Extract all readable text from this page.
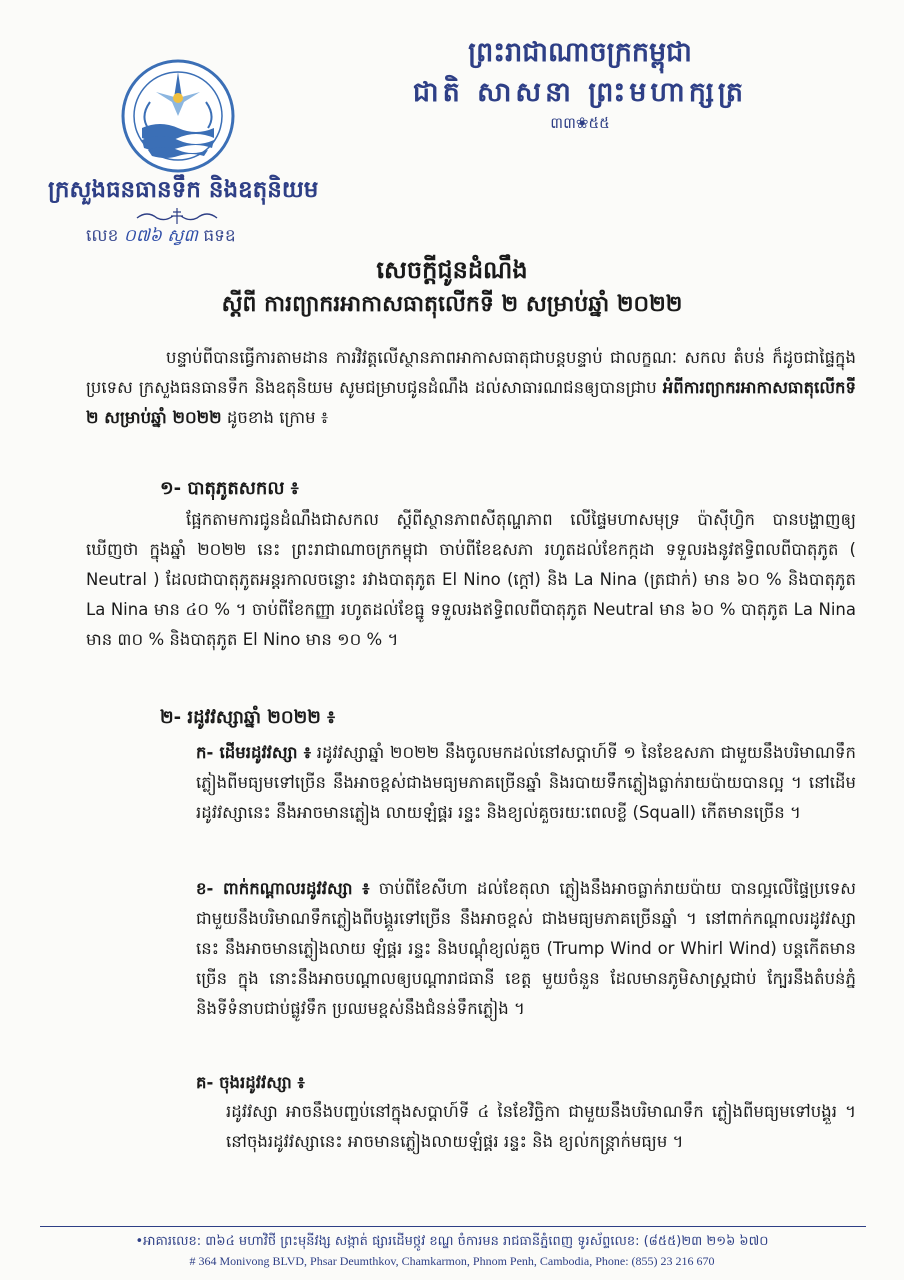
ព្រះរាជាណាចក្រកម្ពុជា
ជាតិ សាសនា ព្រះមហាក្សត្រ
៣៣❀៥៥
ក្រសួងធនធានទឹក និងឧតុនិយម
លេខ ០៧៦ ស្វ៣ ធទឧ
សេចក្តីជូនដំណឹង
ស្តីពី ការព្យាករអាកាសធាតុលើកទី ២ សម្រាប់ឆ្នាំ ២០២២
បន្ទាប់ពីបានធ្វើការតាមដាន ការវិវត្តលើស្ថានភាពអាកាសធាតុជាបន្តបន្ទាប់ ជាលក្ខណៈ សកល តំបន់ ក៏ដូចជាផ្ទៃក្នុងប្រទេស ក្រសួងធនធានទឹក និងឧតុនិយម សូមជម្រាបជូនដំណឹង ដល់សាធារណជនឲ្យបានជ្រាប អំពីការព្យាករអាកាសធាតុលើកទី ២ សម្រាប់ឆ្នាំ ២០២២ ដូចខាង ក្រោម ៖
១- បាតុភូតសកល ៖
ផ្អែកតាមការជូនដំណឹងជាសកល ស្តីពីស្ថានភាពសីតុណ្ហភាព លើផ្ទៃមហាសមុទ្រ ប៉ាស៊ីហ្វិក បានបង្ហាញឲ្យឃើញថា ក្នុងឆ្នាំ ២០២២ នេះ ព្រះរាជាណាចក្រកម្ពុជា ចាប់ពីខែឧសភា រហូតដល់ខែកក្កដា ទទួលរងនូវឥទ្ធិពលពីបាតុភូត ( Neutral ) ដែលជាបាតុភូតអន្តរកាលចន្លោះ រវាងបាតុភូត El Nino (ក្តៅ) និង La Nina (ត្រជាក់) មាន ៦០ % និងបាតុភូត La Nina មាន ៤០ % ។ ចាប់ពីខែកញ្ញា រហូតដល់ខែធ្នូ ទទួលរងឥទ្ធិពលពីបាតុភូត Neutral មាន ៦០ % បាតុភូត La Nina មាន ៣០ % និងបាតុភូត El Nino មាន ១០ % ។
២- រដូវវស្សាឆ្នាំ ២០២២ ៖
ក- ដើមរដូវវស្សា ៖ រដូវវស្សាឆ្នាំ ២០២២ នឹងចូលមកដល់នៅសប្តាហ៍ទី ១ នៃខែឧសភា ជាមួយនឹងបរិមាណទឹកភ្លៀងពីមធ្យមទៅច្រើន នឹងអាចខ្ពស់ជាងមធ្យមភាគច្រើនឆ្នាំ និងរបាយទឹកភ្លៀងធ្លាក់រាយប៉ាយបានល្អ ។ នៅដើមរដូវវស្សានេះ នឹងអាចមានភ្លៀង លាយឡំផ្គរ រន្ទះ និងខ្យល់គួចរយៈពេលខ្លី (Squall) កើតមានច្រើន ។
ខ- ពាក់កណ្តាលរដូវវស្សា ៖ ចាប់ពីខែសីហា ដល់ខែតុលា ភ្លៀងនឹងអាចធ្លាក់រាយប៉ាយ បានល្អលើផ្ទៃប្រទេស ជាមួយនឹងបរិមាណទឹកភ្លៀងពីបង្គួរទៅច្រើន នឹងអាចខ្ពស់ ជាងមធ្យមភាគច្រើនឆ្នាំ ។ នៅពាក់កណ្តាលរដូវវស្សានេះ នឹងអាចមានភ្លៀងលាយ ឡំផ្គរ រន្ទះ និងបណ្តុំខ្យល់គួច (Trump Wind or Whirl Wind) បន្តកើតមានច្រើន ក្នុង នោះនឹងអាចបណ្តាលឲ្យបណ្តារាជធានី ខេត្ត មួយចំនួន ដែលមានភូមិសាស្ត្រជាប់ ក្បែរនឹងតំបន់ភ្នំ និងទីទំនាបជាប់ផ្លូវទឹក ប្រឈមខ្ពស់នឹងជំនន់ទឹកភ្លៀង ។
គ- ចុងរដូវវស្សា ៖
រដូវវស្សា អាចនឹងបញ្ចប់នៅក្នុងសប្តាហ៍ទី ៤ នៃខែវិច្ឆិកា ជាមួយនឹងបរិមាណទឹក ភ្លៀងពីមធ្យមទៅបង្គួរ ។ នៅចុងរដូវវស្សានេះ អាចមានភ្លៀងលាយឡំផ្គរ រន្ទះ និង ខ្យល់កន្ត្រាក់មធ្យម ។
•អាគារលេខ: ៣៦៤ មហាវិថី ព្រះមុនីវង្ស សង្កាត់ ផ្សារដើមថ្កូវ ខណ្ឌ ចំការមន រាជធានីភ្នំពេញ ទូរស័ព្ទលេខ: (៨៥៥)២៣ ២១៦ ៦៧០
# 364 Monivong BLVD, Phsar Deumthkov, Chamkarmon, Phnom Penh, Cambodia, Phone: (855) 23 216 670
